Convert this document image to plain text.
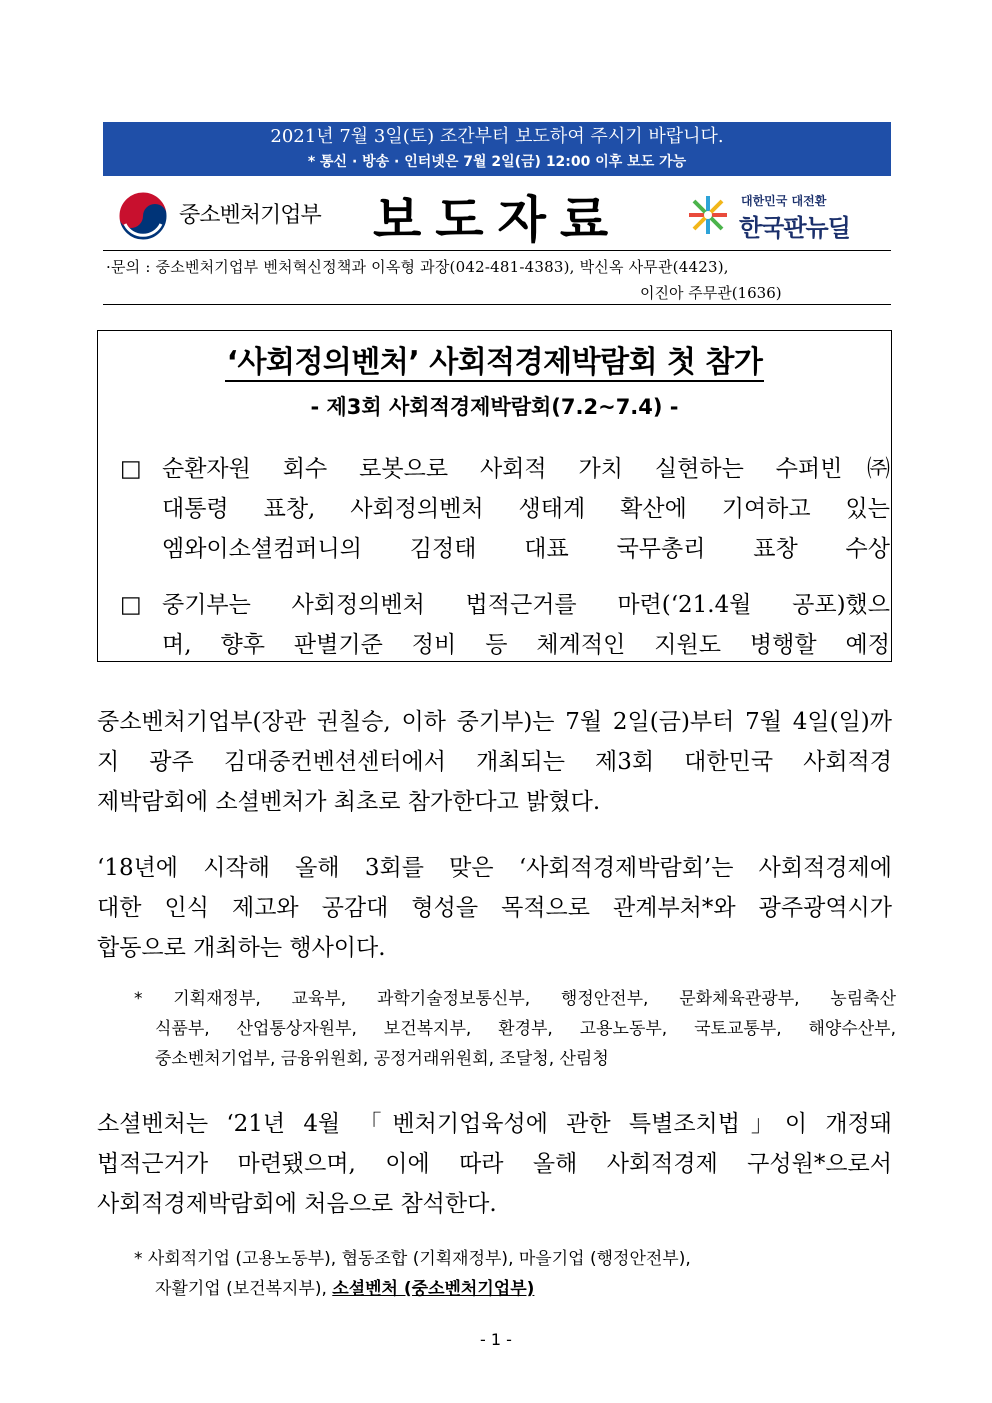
2021년 7월 3일(토) 조간부터 보도하여 주시기 바랍니다.
* 통신 · 방송 · 인터넷은 7월 2일(금) 12:00 이후 보도 가능
중소벤처기업부 보도자료	대한민국 대전환
한국판뉴딜
·문의 : 중소벤처기업부 벤처혁신정책과 이옥형 과장(042-481-4383), 박신옥 사무관(4423),
이진아 주무관(1636)
‘사회정의벤처’ 사회적경제박람회 첫 참가
- 제3회 사회적경제박람회(7.2~7.4) -
□ 순환자원 회수 로봇으로 사회적 가치 실현하는 수퍼빈㈜
대통령 표창, 사회정의벤처 생태계 확산에 기여하고 있는
엠와이소셜컴퍼니의 김정태 대표 국무총리 표창 수상
□ 중기부는 사회정의벤처 법적근거를 마련(‘21.4월 공포)했으
며, 향후 판별기준 정비 등 체계적인 지원도 병행할 예정
중소벤처기업부(장관 권칠승, 이하 중기부)는 7월 2일(금)부터 7월 4일(일)까
지 광주 김대중컨벤션센터에서 개최되는 제3회 대한민국 사회적경
제박람회에 소셜벤처가 최초로 참가한다고 밝혔다.
‘18년에 시작해 올해 3회를 맞은 ‘사회적경제박람회’는 사회적경제에
대한 인식 제고와 공감대 형성을 목적으로 관계부처*와 광주광역시가
합동으로 개최하는 행사이다.
* 기획재정부, 교육부, 과학기술정보통신부, 행정안전부, 문화체육관광부, 농림축산
식품부, 산업통상자원부, 보건복지부, 환경부, 고용노동부, 국토교통부, 해양수산부,
중소벤처기업부, 금융위원회, 공정거래위원회, 조달청, 산림청
소셜벤처는 ‘21년 4월 「벤처기업육성에 관한 특별조치법」이 개정돼
법적근거가 마련됐으며, 이에 따라 올해 사회적경제 구성원*으로서
사회적경제박람회에 처음으로 참석한다.
* 사회적기업 (고용노동부), 협동조합 (기획재정부), 마을기업 (행정안전부),
자활기업 (보건복지부), 소셜벤처 (중소벤처기업부)
- 1 -
